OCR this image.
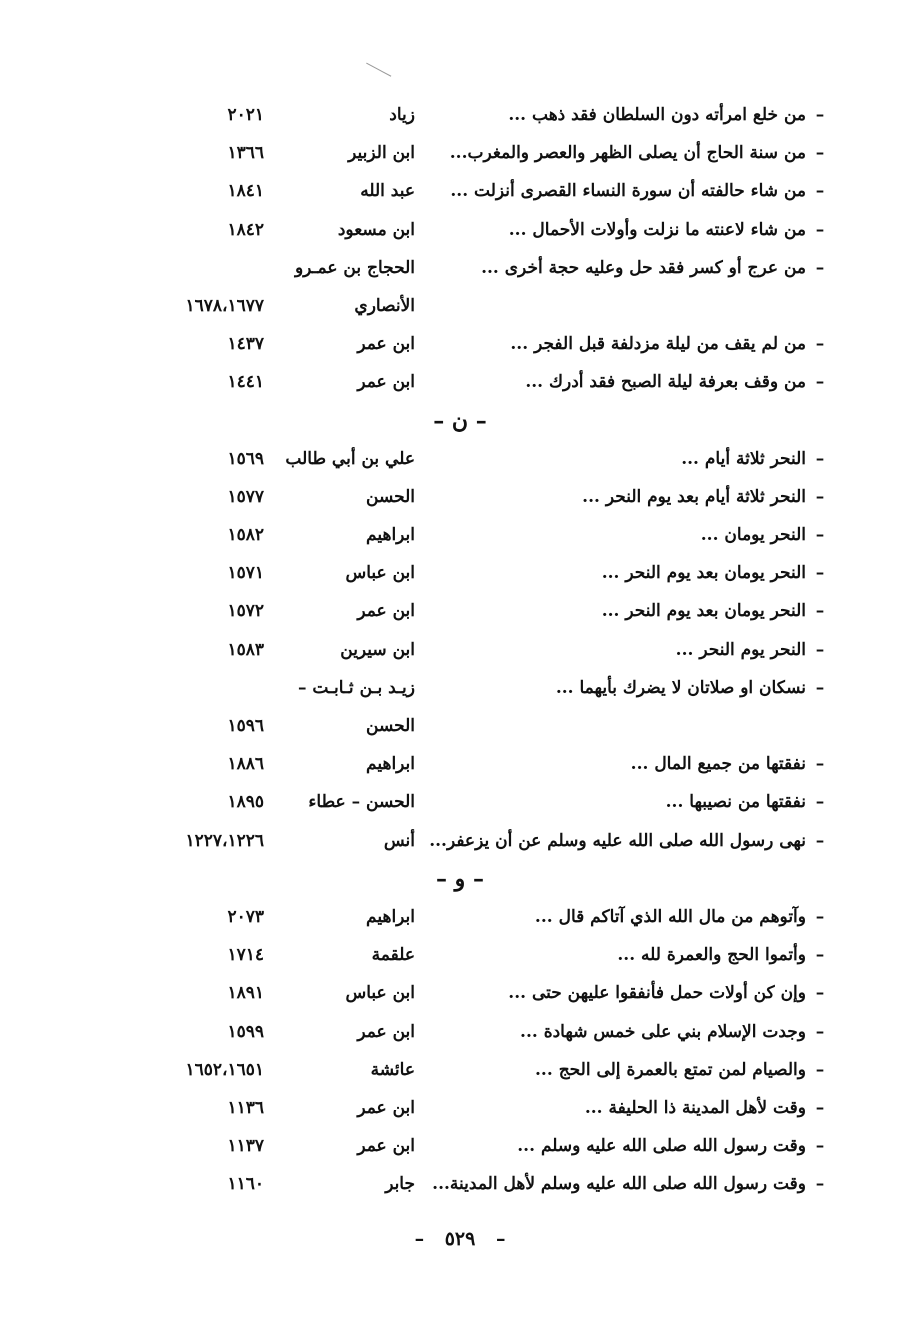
–
من خلع امرأته دون السلطان فقد ذهب ...
زياد
٢٠٢١
–
من سنة الحاج أن يصلى الظهر والعصر والمغرب...
ابن الزبير
١٣٦٦
–
من شاء حالفته أن سورة النساء القصرى أنزلت ...
عبد الله
١٨٤١
–
من شاء لاعنته ما نزلت وأولات الأحمال ...
ابن مسعود
١٨٤٢
–
من عرج أو كسر فقد حل وعليه حجة أخرى ...
الحجاج بن عمـرو
الأنصاري
١٦٧٨،١٦٧٧
–
من لم يقف من ليلة مزدلفة قبل الفجر ...
ابن عمر
١٤٣٧
–
من وقف بعرفة ليلة الصبح فقد أدرك ...
ابن عمر
١٤٤١
– ن –
–
النحر ثلاثة أيام ...
علي بن أبي طالب
١٥٦٩
–
النحر ثلاثة أيام بعد يوم النحر ...
الحسن
١٥٧٧
–
النحر يومان ...
ابراهيم
١٥٨٢
–
النحر يومان بعد يوم النحر ...
ابن عباس
١٥٧١
–
النحر يومان بعد يوم النحر ...
ابن عمر
١٥٧٢
–
النحر يوم النحر ...
ابن سيرين
١٥٨٣
–
نسكان او صلاتان لا يضرك بأيهما ...
زيـد بـن ثـابـت –
الحسن
١٥٩٦
–
نفقتها من جميع المال ...
ابراهيم
١٨٨٦
–
نفقتها من نصيبها ...
الحسن – عطاء
١٨٩٥
–
نهى رسول الله صلى الله عليه وسلم عن أن يزعفر...
أنس
١٢٢٧،١٢٢٦
– و –
–
وآتوهم من مال الله الذي آتاكم قال ...
ابراهيم
٢٠٧٣
–
وأتموا الحج والعمرة لله ...
علقمة
١٧١٤
–
وإن كن أولات حمل فأنفقوا عليهن حتى ...
ابن عباس
١٨٩١
–
وجدت الإسلام بني على خمس شهادة ...
ابن عمر
١٥٩٩
–
والصيام لمن تمتع بالعمرة إلى الحج ...
عائشة
١٦٥٢،١٦٥١
–
وقت لأهل المدينة ذا الحليفة ...
ابن عمر
١١٣٦
–
وقت رسول الله صلى الله عليه وسلم ...
ابن عمر
١١٣٧
–
وقت رسول الله صلى الله عليه وسلم لأهل المدينة...
جابر
١١٦٠
– ٥٢٩ –
